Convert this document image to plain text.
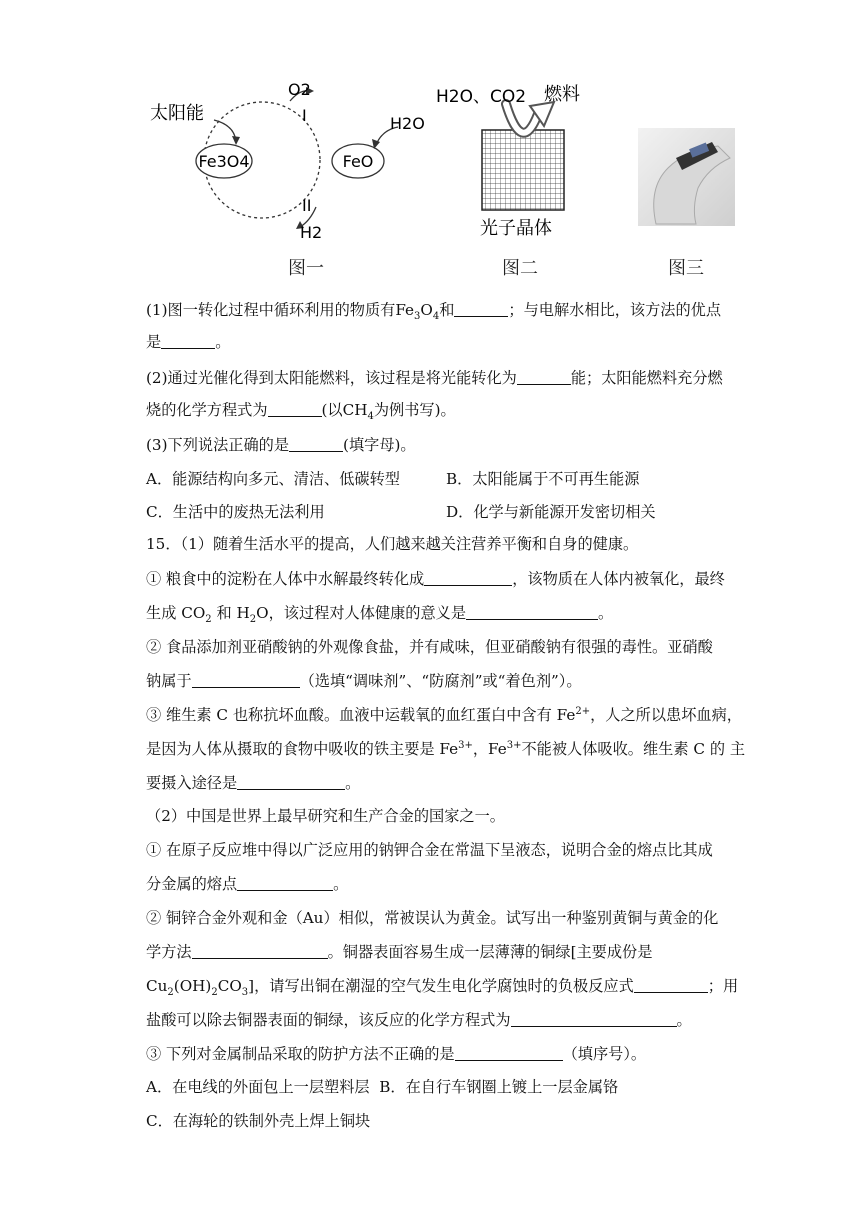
太阳能
O2
I	H2O
Fe3O4	FeO
II
H2
图一
H2O、CO2 燃料
光子晶体
图二	图三
(1)图一转化过程中循环利用的物质有$Fe_3O_4$和	；与电解水相比，该方法的优点
是	。
(2)通过光催化得到太阳能燃料，该过程是将光能转化为	能；太阳能燃料充分燃
烧的化学方程式为	(以$CH_4$为例书写)。
(3)下列说法正确的是	(填字母)。
A．能源结构向多元、清洁、低碳转型	B．太阳能属于不可再生能源
C．生活中的废热无法利用	D．化学与新能源开发密切相关
15．（1）随着生活水平的提高，人们越来越关注营养平衡和自身的健康。
① 粮食中的淀粉在人体中水解最终转化成	，该物质在人体内被氧化，最终
生成 $CO_2$ 和 $H_2O$，该过程对人体健康的意义是	。
② 食品添加剂亚硝酸钠的外观像食盐，并有咸味，但亚硝酸钠有很强的毒性。亚硝酸
钠属于	（选填“调味剂”、“防腐剂”或“着色剂”）。
③ 维生素 C 也称抗坏血酸。血液中运载氧的血红蛋白中含有 $Fe^{2+}$，人之所以患坏血病，
是因为人体从摄取的食物中吸收的铁主要是 $Fe^{3+}$，$Fe^{3+}$不能被人体吸收。维生素 C 的 主
要摄入途径是	。
（2）中国是世界上最早研究和生产合金的国家之一。
① 在原子反应堆中得以广泛应用的钠钾合金在常温下呈液态，说明合金的熔点比其成
分金属的熔点	。
② 铜锌合金外观和金（Au）相似，常被误认为黄金。试写出一种鉴别黄铜与黄金的化
学方法	。铜器表面容易生成一层薄薄的铜绿[主要成份是
$Cu_2(OH)_2CO_3$]，请写出铜在潮湿的空气发生电化学腐蚀时的负极反应式	；用
盐酸可以除去铜器表面的铜绿，该反应的化学方程式为	。
③ 下列对金属制品采取的防护方法不正确的是	（填序号）。
A．在电线的外面包上一层塑料层 B．在自行车钢圈上镀上一层金属铬
C．在海轮的铁制外壳上焊上铜块
